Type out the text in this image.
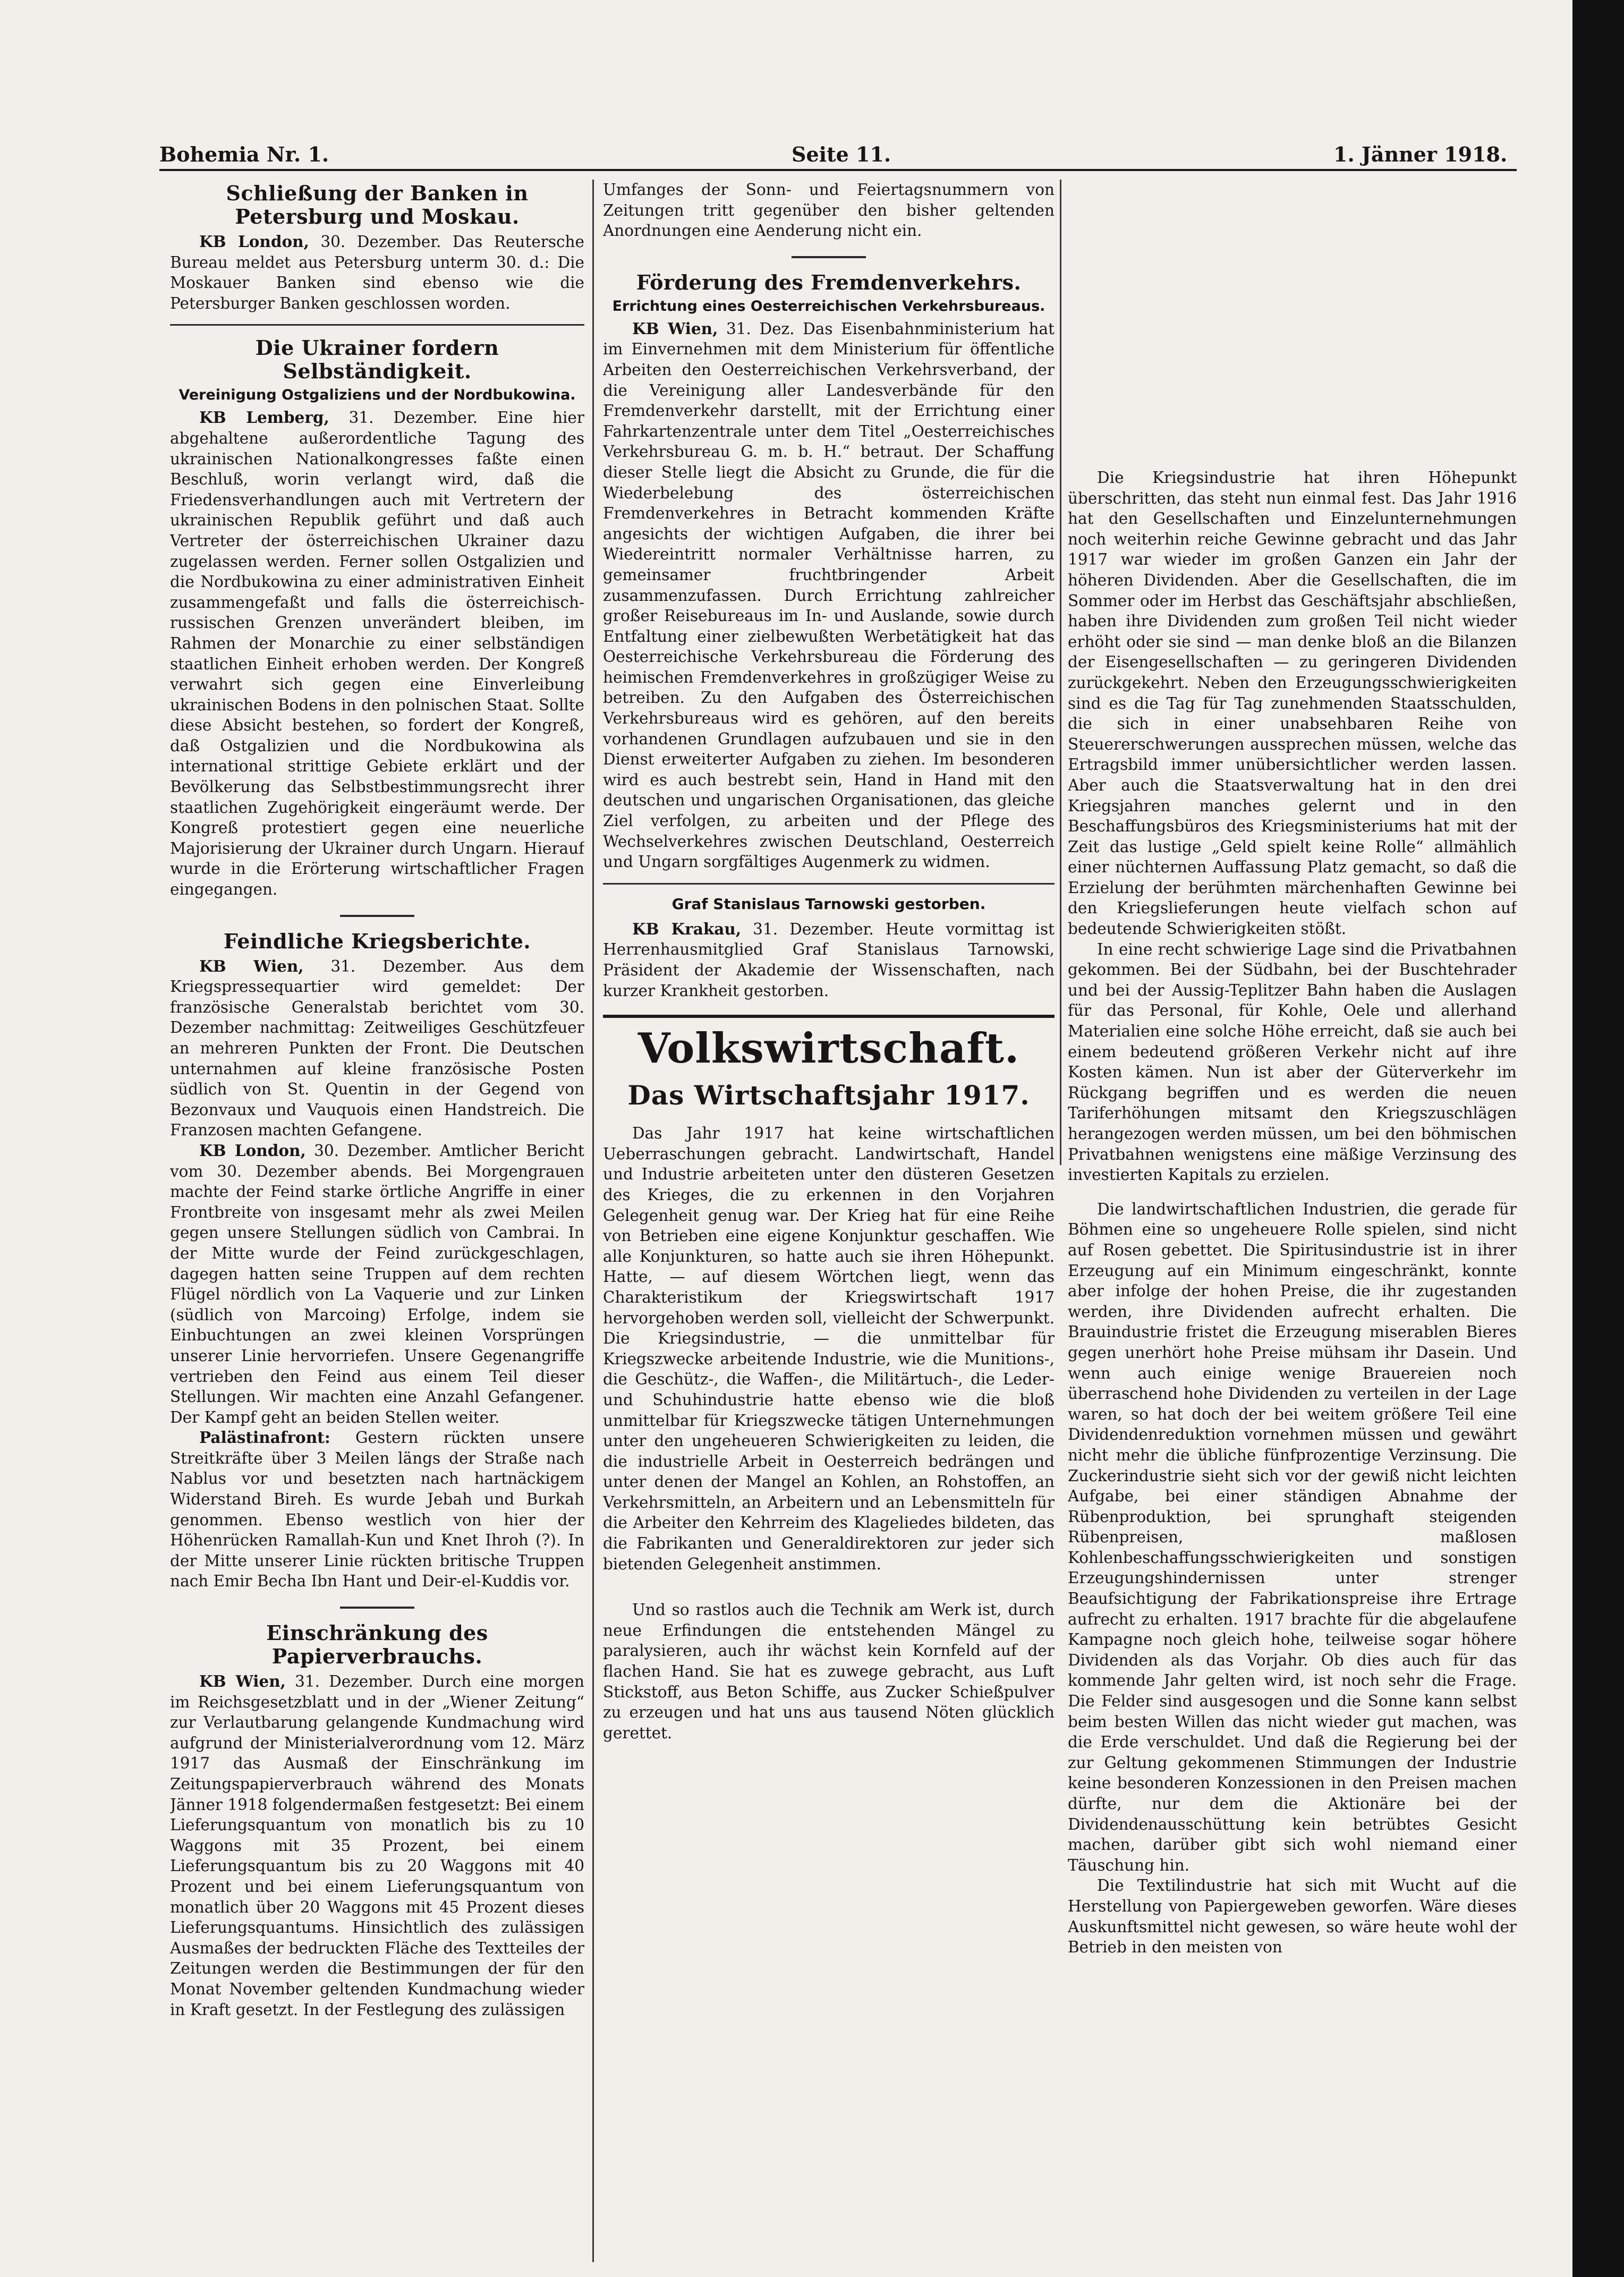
Bohemia Nr. 1.	Seite 11.	1. Jänner 1918.
Schließung der Banken in Petersburg und Moskau.

KB London, 30. Dezember. Das Reutersche Bureau meldet aus Petersburg unterm 30. d.: Die Moskauer Banken sind ebenso wie die Petersburger Banken geschlossen worden.

Die Ukrainer fordern Selbständigkeit.
Vereinigung Ostgaliziens und der Nordbukowina.

KB Lemberg, 31. Dezember. Eine hier abgehaltene außerordentliche Tagung des ukrainischen Nationalkongresses faßte einen Beschluß, worin verlangt wird, daß die Friedensverhandlungen auch mit Vertretern der ukrainischen Republik geführt und daß auch Vertreter der österreichischen Ukrainer dazu zugelassen werden. Ferner sollen Ostgalizien und die Nordbukowina zu einer administrativen Einheit zusammengefaßt und falls die österreichisch-russischen Grenzen unverändert bleiben, im Rahmen der Monarchie zu einer selbständigen staatlichen Einheit erhoben werden. Der Kongreß verwahrt sich gegen eine Einverleibung ukrainischen Bodens in den polnischen Staat. Sollte diese Absicht bestehen, so fordert der Kongreß, daß Ostgalizien und die Nordbukowina als international strittige Gebiete erklärt und der Bevölkerung das Selbstbestimmungsrecht ihrer staatlichen Zugehörigkeit eingeräumt werde. Der Kongreß protestiert gegen eine neuerliche Majorisierung der Ukrainer durch Ungarn. Hierauf wurde in die Erörterung wirtschaftlicher Fragen eingegangen.

Feindliche Kriegsberichte.

KB Wien, 31. Dezember. Aus dem Kriegspressequartier wird gemeldet: Der französische Generalstab berichtet vom 30. Dezember nachmittag: Zeitweiliges Geschützfeuer an mehreren Punkten der Front. Die Deutschen unternahmen auf kleine französische Posten südlich von St. Quentin in der Gegend von Bezonvaux und Vauquois einen Handstreich. Die Franzosen machten Gefangene.

KB London, 30. Dezember. Amtlicher Bericht vom 30. Dezember abends. Bei Morgengrauen machte der Feind starke örtliche Angriffe in einer Frontbreite von insgesamt mehr als zwei Meilen gegen unsere Stellungen südlich von Cambrai. In der Mitte wurde der Feind zurückgeschlagen, dagegen hatten seine Truppen auf dem rechten Flügel nördlich von La Vaquerie und zur Linken (südlich von Marcoing) Erfolge, indem sie Einbuchtungen an zwei kleinen Vorsprüngen unserer Linie hervorriefen. Unsere Gegenangriffe vertrieben den Feind aus einem Teil dieser Stellungen. Wir machten eine Anzahl Gefangener. Der Kampf geht an beiden Stellen weiter.

Palästinafront: Gestern rückten unsere Streitkräfte über 3 Meilen längs der Straße nach Nablus vor und besetzten nach hartnäckigem Widerstand Bireh. Es wurde Jebah und Burkah genommen. Ebenso westlich von hier der Höhenrücken Ramallah-Kun und Knet Ihroh (?). In der Mitte unserer Linie rückten britische Truppen nach Emir Becha Ibn Hant und Deir-el-Kuddis vor.

Einschränkung des Papierverbrauchs.

KB Wien, 31. Dezember. Durch eine morgen im Reichsgesetzblatt und in der „Wiener Zeitung“ zur Verlautbarung gelangende Kundmachung wird aufgrund der Ministerialverordnung vom 12. März 1917 das Ausmaß der Einschränkung im Zeitungspapierverbrauch während des Monats Jänner 1918 folgendermaßen festgesetzt: Bei einem Lieferungsquantum von monatlich bis zu 10 Waggons mit 35 Prozent, bei einem Lieferungsquantum bis zu 20 Waggons mit 40 Prozent und bei einem Lieferungsquantum von monatlich über 20 Waggons mit 45 Prozent dieses Lieferungsquantums. Hinsichtlich des zulässigen Ausmaßes der bedruckten Fläche des Textteiles der Zeitungen werden die Bestimmungen der für den Monat November geltenden Kundmachung wieder in Kraft gesetzt. In der Festlegung des zulässigen

Umfanges der Sonn- und Feiertagsnummern von Zeitungen tritt gegenüber den bisher geltenden Anordnungen eine Aenderung nicht ein.

Förderung des Fremdenverkehrs.
Errichtung eines Oesterreichischen Verkehrsbureaus.

KB Wien, 31. Dez. Das Eisenbahnministerium hat im Einvernehmen mit dem Ministerium für öffentliche Arbeiten den Oesterreichischen Verkehrsverband, der die Vereinigung aller Landesverbände für den Fremdenverkehr darstellt, mit der Errichtung einer Fahrkartenzentrale unter dem Titel „Oesterreichisches Verkehrsbureau G. m. b. H.“ betraut. Der Schaffung dieser Stelle liegt die Absicht zu Grunde, die für die Wiederbelebung des österreichischen Fremdenverkehres in Betracht kommenden Kräfte angesichts der wichtigen Aufgaben, die ihrer bei Wiedereintritt normaler Verhältnisse harren, zu gemeinsamer fruchtbringender Arbeit zusammenzufassen. Durch Errichtung zahlreicher großer Reisebureaus im In- und Auslande, sowie durch Entfaltung einer zielbewußten Werbetätigkeit hat das Oesterreichische Verkehrsbureau die Förderung des heimischen Fremdenverkehres in großzügiger Weise zu betreiben. Zu den Aufgaben des Österreichischen Verkehrsbureaus wird es gehören, auf den bereits vorhandenen Grundlagen aufzubauen und sie in den Dienst erweiterter Aufgaben zu ziehen. Im besonderen wird es auch bestrebt sein, Hand in Hand mit den deutschen und ungarischen Organisationen, das gleiche Ziel verfolgen, zu arbeiten und der Pflege des Wechselverkehres zwischen Deutschland, Oesterreich und Ungarn sorgfältiges Augenmerk zu widmen.

Graf Stanislaus Tarnowski gestorben.

KB Krakau, 31. Dezember. Heute vormittag ist Herrenhausmitglied Graf Stanislaus Tarnowski, Präsident der Akademie der Wissenschaften, nach kurzer Krankheit gestorben.

Volkswirtschaft.
Das Wirtschaftsjahr 1917.

Das Jahr 1917 hat keine wirtschaftlichen Ueberraschungen gebracht. Landwirtschaft, Handel und Industrie arbeiteten unter den düsteren Gesetzen des Krieges, die zu erkennen in den Vorjahren Gelegenheit genug war. Der Krieg hat für eine Reihe von Betrieben eine eigene Konjunktur geschaffen. Wie alle Konjunkturen, so hatte auch sie ihren Höhepunkt. Hatte, — auf diesem Wörtchen liegt, wenn das Charakteristikum der Kriegswirtschaft 1917 hervorgehoben werden soll, vielleicht der Schwerpunkt. Die Kriegsindustrie, — die unmittelbar für Kriegszwecke arbeitende Industrie, wie die Munitions-, die Geschütz-, die Waffen-, die Militärtuch-, die Leder- und Schuhindustrie hatte ebenso wie die bloß unmittelbar für Kriegszwecke tätigen Unternehmungen unter den ungeheueren Schwierigkeiten zu leiden, die die industrielle Arbeit in Oesterreich bedrängen und unter denen der Mangel an Kohlen, an Rohstoffen, an Verkehrsmitteln, an Arbeitern und an Lebensmitteln für die Arbeiter den Kehrreim des Klageliedes bildeten, das die Fabrikanten und Generaldirektoren zur jeder sich bietenden Gelegenheit anstimmen.

Und so rastlos auch die Technik am Werk ist, durch neue Erfindungen die entstehenden Mängel zu paralysieren, auch ihr wächst kein Kornfeld auf der flachen Hand. Sie hat es zuwege gebracht, aus Luft Stickstoff, aus Beton Schiffe, aus Zucker Schießpulver zu erzeugen und hat uns aus tausend Nöten glücklich gerettet.

Die Kriegsindustrie hat ihren Höhepunkt überschritten, das steht nun einmal fest. Das Jahr 1916 hat den Gesellschaften und Einzelunternehmungen noch weiterhin reiche Gewinne gebracht und das Jahr 1917 war wieder im großen Ganzen ein Jahr der höheren Dividenden. Aber die Gesellschaften, die im Sommer oder im Herbst das Geschäftsjahr abschließen, haben ihre Dividenden zum großen Teil nicht wieder erhöht oder sie sind — man denke bloß an die Bilanzen der Eisengesellschaften — zu geringeren Dividenden zurückgekehrt. Neben den Erzeugungsschwierigkeiten sind es die Tag für Tag zunehmenden Staatsschulden, die sich in einer unabsehbaren Reihe von Steuererschwerungen aussprechen müssen, welche das Ertragsbild immer unübersichtlicher werden lassen. Aber auch die Staatsverwaltung hat in den drei Kriegsjahren manches gelernt und in den Beschaffungsbüros des Kriegsministeriums hat mit der Zeit das lustige „Geld spielt keine Rolle“ allmählich einer nüchternen Auffassung Platz gemacht, so daß die Erzielung der berühmten märchenhaften Gewinne bei den Kriegslieferungen heute vielfach schon auf bedeutende Schwierigkeiten stößt.

In eine recht schwierige Lage sind die Privatbahnen gekommen. Bei der Südbahn, bei der Buschtehrader und bei der Aussig-Teplitzer Bahn haben die Auslagen für das Personal, für Kohle, Oele und allerhand Materialien eine solche Höhe erreicht, daß sie auch bei einem bedeutend größeren Verkehr nicht auf ihre Kosten kämen. Nun ist aber der Güterverkehr im Rückgang begriffen und es werden die neuen Tariferhöhungen mitsamt den Kriegszuschlägen herangezogen werden müssen, um bei den böhmischen Privatbahnen wenigstens eine mäßige Verzinsung des investierten Kapitals zu erzielen.

Die landwirtschaftlichen Industrien, die gerade für Böhmen eine so ungeheuere Rolle spielen, sind nicht auf Rosen gebettet. Die Spiritusindustrie ist in ihrer Erzeugung auf ein Minimum eingeschränkt, konnte aber infolge der hohen Preise, die ihr zugestanden werden, ihre Dividenden aufrecht erhalten. Die Brauindustrie fristet die Erzeugung miserablen Bieres gegen unerhört hohe Preise mühsam ihr Dasein. Und wenn auch einige wenige Brauereien noch überraschend hohe Dividenden zu verteilen in der Lage waren, so hat doch der bei weitem größere Teil eine Dividendenreduktion vornehmen müssen und gewährt nicht mehr die übliche fünfprozentige Verzinsung. Die Zuckerindustrie sieht sich vor der gewiß nicht leichten Aufgabe, bei einer ständigen Abnahme der Rübenproduktion, bei sprunghaft steigenden Rübenpreisen, maßlosen Kohlenbeschaffungsschwierigkeiten und sonstigen Erzeugungshindernissen unter strenger Beaufsichtigung der Fabrikationspreise ihre Ertrage aufrecht zu erhalten. 1917 brachte für die abgelaufene Kampagne noch gleich hohe, teilweise sogar höhere Dividenden als das Vorjahr. Ob dies auch für das kommende Jahr gelten wird, ist noch sehr die Frage. Die Felder sind ausgesogen und die Sonne kann selbst beim besten Willen das nicht wieder gut machen, was die Erde verschuldet. Und daß die Regierung bei der zur Geltung gekommenen Stimmungen der Industrie keine besonderen Konzessionen in den Preisen machen dürfte, nur dem die Aktionäre bei der Dividendenausschüttung kein betrübtes Gesicht machen, darüber gibt sich wohl niemand einer Täuschung hin.

Die Textilindustrie hat sich mit Wucht auf die Herstellung von Papiergeweben geworfen. Wäre dieses Auskunftsmittel nicht gewesen, so wäre heute wohl der Betrieb in den meisten von
